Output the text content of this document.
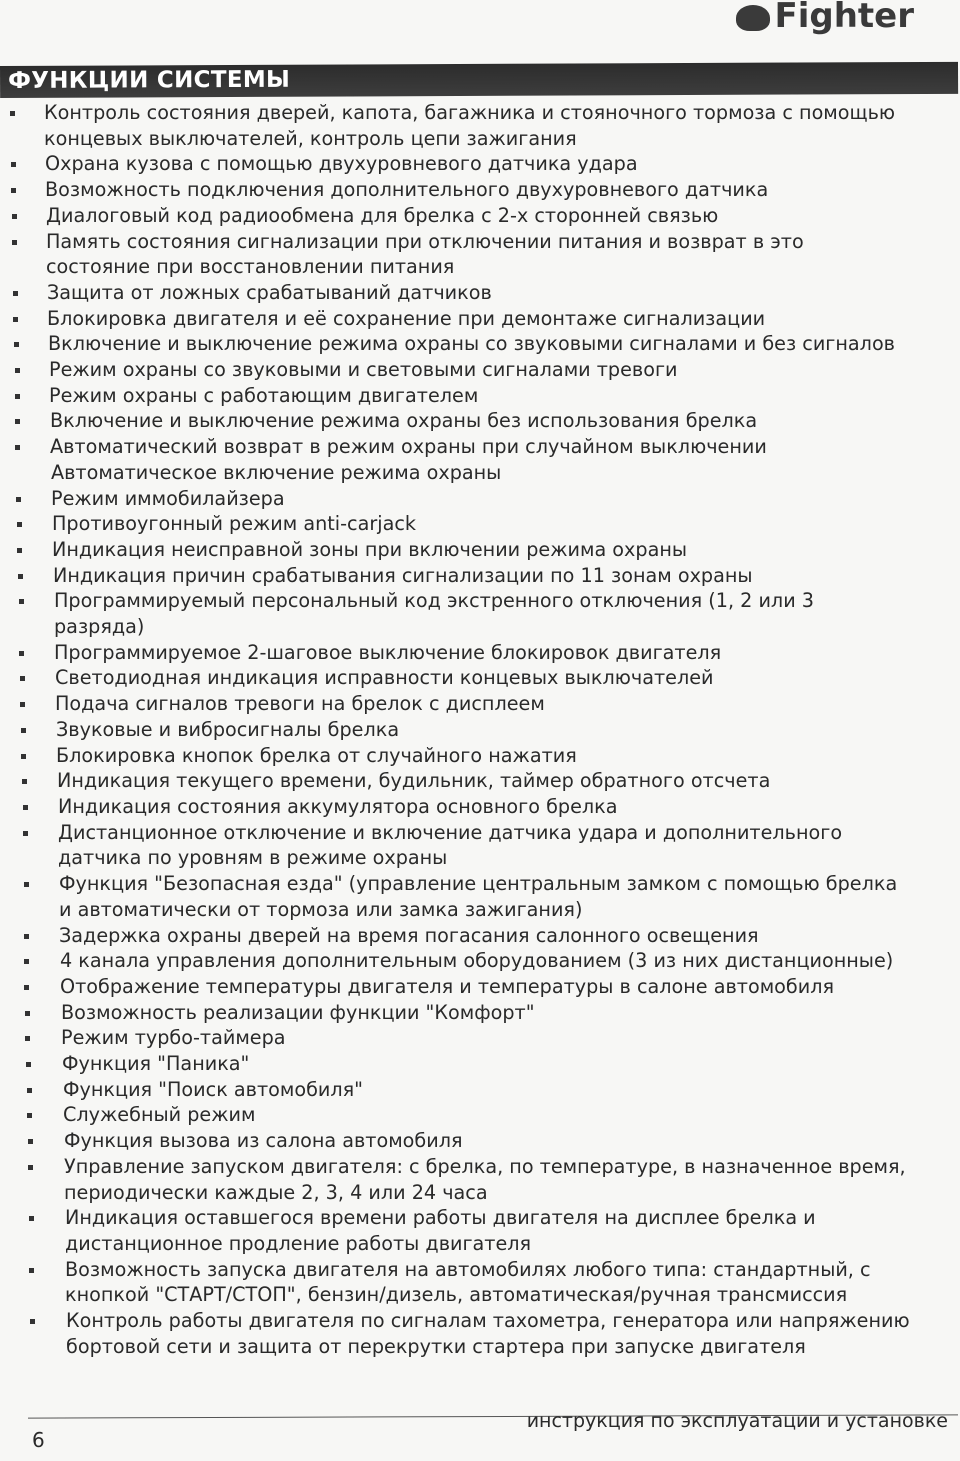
Fighter
ФУНКЦИИ СИСТЕМЫ
Контроль состояния дверей, капота, багажника и стояночного тормоза с помощью
концевых выключателей, контроль цепи зажигания
Охрана кузова с помощью двухуровневого датчика удара
Возможность подключения дополнительного двухуровневого датчика
Диалоговый код радиообмена для брелка с 2-х сторонней связью
Память состояния сигнализации при отключении питания и возврат в это
состояние при восстановлении питания
Защита от ложных срабатываний датчиков
Блокировка двигателя и её сохранение при демонтаже сигнализации
Включение и выключение режима охраны со звуковыми сигналами и без сигналов
Режим охраны со звуковыми и световыми сигналами тревоги
Режим охраны с работающим двигателем
Включение и выключение режима охраны без использования брелка
Автоматический возврат в режим охраны при случайном выключении
Автоматическое включение режима охраны
Режим иммобилайзера
Противоугонный режим anti-carjack
Индикация неисправной зоны при включении режима охраны
Индикация причин срабатывания сигнализации по 11 зонам охраны
Программируемый персональный код экстренного отключения (1, 2 или 3
разряда)
Программируемое 2-шаговое выключение блокировок двигателя
Светодиодная индикация исправности концевых выключателей
Подача сигналов тревоги на брелок с дисплеем
Звуковые и вибросигналы брелка
Блокировка кнопок брелка от случайного нажатия
Индикация текущего времени, будильник, таймер обратного отсчета
Индикация состояния аккумулятора основного брелка
Дистанционное отключение и включение датчика удара и дополнительного
датчика по уровням в режиме охраны
Функция "Безопасная езда" (управление центральным замком с помощью брелка
и автоматически от тормоза или замка зажигания)
Задержка охраны дверей на время погасания салонного освещения
4 канала управления дополнительным оборудованием (3 из них дистанционные)
Отображение температуры двигателя и температуры в салоне автомобиля
Возможность реализации функции "Комфорт"
Режим турбо-таймера
Функция "Паника"
Функция "Поиск автомобиля"
Служебный режим
Функция вызова из салона автомобиля
Управление запуском двигателя: с брелка, по температуре, в назначенное время,
периодически каждые 2, 3, 4 или 24 часа
Индикация оставшегося времени работы двигателя на дисплее брелка и
дистанционное продление работы двигателя
Возможность запуска двигателя на автомобилях любого типа: стандартный, с
кнопкой "СТАРТ/СТОП", бензин/дизель, автоматическая/ручная трансмиссия
Контроль работы двигателя по сигналам тахометра, генератора или напряжению
бортовой сети и защита от перекрутки стартера при запуске двигателя
6
инструкция по эксплуатации и установке
